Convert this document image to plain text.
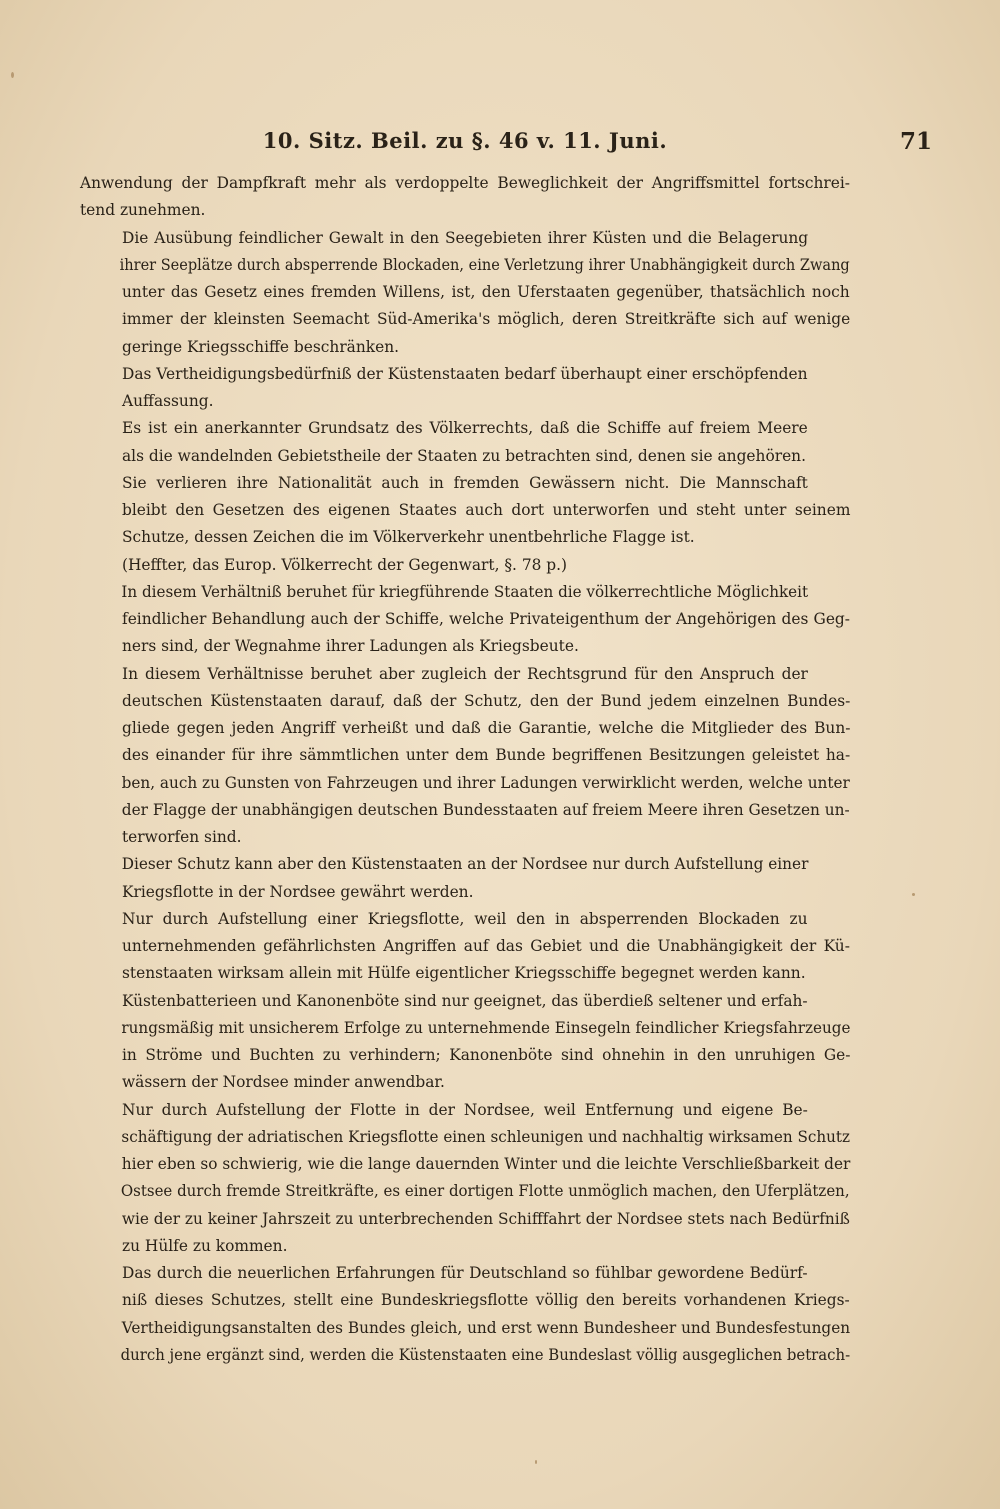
10. Sitz. Beil. zu §. 46 v. 11. Juni.	71
Anwendung der Dampfkraft mehr als verdoppelte Beweglichkeit der Angriffsmittel fortschrei-
tend zunehmen.
Die Ausübung feindlicher Gewalt in den Seegebieten ihrer Küsten und die Belagerung
ihrer Seeplätze durch absperrende Blockaden, eine Verletzung ihrer Unabhängigkeit durch Zwang
unter das Gesetz eines fremden Willens, ist, den Uferstaaten gegenüber, thatsächlich noch
immer der kleinsten Seemacht Süd-Amerika's möglich, deren Streitkräfte sich auf wenige
geringe Kriegsschiffe beschränken.
Das Vertheidigungsbedürfniß der Küstenstaaten bedarf überhaupt einer erschöpfenden
Auffassung.
Es ist ein anerkannter Grundsatz des Völkerrechts, daß die Schiffe auf freiem Meere
als die wandelnden Gebietstheile der Staaten zu betrachten sind, denen sie angehören.
Sie verlieren ihre Nationalität auch in fremden Gewässern nicht. Die Mannschaft
bleibt den Gesetzen des eigenen Staates auch dort unterworfen und steht unter seinem
Schutze, dessen Zeichen die im Völkerverkehr unentbehrliche Flagge ist.
(Heffter, das Europ. Völkerrecht der Gegenwart, §. 78 p.)
In diesem Verhältniß beruhet für kriegführende Staaten die völkerrechtliche Möglichkeit
feindlicher Behandlung auch der Schiffe, welche Privateigenthum der Angehörigen des Geg-
ners sind, der Wegnahme ihrer Ladungen als Kriegsbeute.
In diesem Verhältnisse beruhet aber zugleich der Rechtsgrund für den Anspruch der
deutschen Küstenstaaten darauf, daß der Schutz, den der Bund jedem einzelnen Bundes-
gliede gegen jeden Angriff verheißt und daß die Garantie, welche die Mitglieder des Bun-
des einander für ihre sämmtlichen unter dem Bunde begriffenen Besitzungen geleistet ha-
ben, auch zu Gunsten von Fahrzeugen und ihrer Ladungen verwirklicht werden, welche unter
der Flagge der unabhängigen deutschen Bundesstaaten auf freiem Meere ihren Gesetzen un-
terworfen sind.
Dieser Schutz kann aber den Küstenstaaten an der Nordsee nur durch Aufstellung einer
Kriegsflotte in der Nordsee gewährt werden.
Nur durch Aufstellung einer Kriegsflotte, weil den in absperrenden Blockaden zu
unternehmenden gefährlichsten Angriffen auf das Gebiet und die Unabhängigkeit der Kü-
stenstaaten wirksam allein mit Hülfe eigentlicher Kriegsschiffe begegnet werden kann.
Küstenbatterieen und Kanonenböte sind nur geeignet, das überdieß seltener und erfah-
rungsmäßig mit unsicherem Erfolge zu unternehmende Einsegeln feindlicher Kriegsfahrzeuge
in Ströme und Buchten zu verhindern; Kanonenböte sind ohnehin in den unruhigen Ge-
wässern der Nordsee minder anwendbar.
Nur durch Aufstellung der Flotte in der Nordsee, weil Entfernung und eigene Be-
schäftigung der adriatischen Kriegsflotte einen schleunigen und nachhaltig wirksamen Schutz
hier eben so schwierig, wie die lange dauernden Winter und die leichte Verschließbarkeit der
Ostsee durch fremde Streitkräfte, es einer dortigen Flotte unmöglich machen, den Uferplätzen,
wie der zu keiner Jahrszeit zu unterbrechenden Schifffahrt der Nordsee stets nach Bedürfniß
zu Hülfe zu kommen.
Das durch die neuerlichen Erfahrungen für Deutschland so fühlbar gewordene Bedürf-
niß dieses Schutzes, stellt eine Bundeskriegsflotte völlig den bereits vorhandenen Kriegs-
Vertheidigungsanstalten des Bundes gleich, und erst wenn Bundesheer und Bundesfestungen
durch jene ergänzt sind, werden die Küstenstaaten eine Bundeslast völlig ausgeglichen betrach-
